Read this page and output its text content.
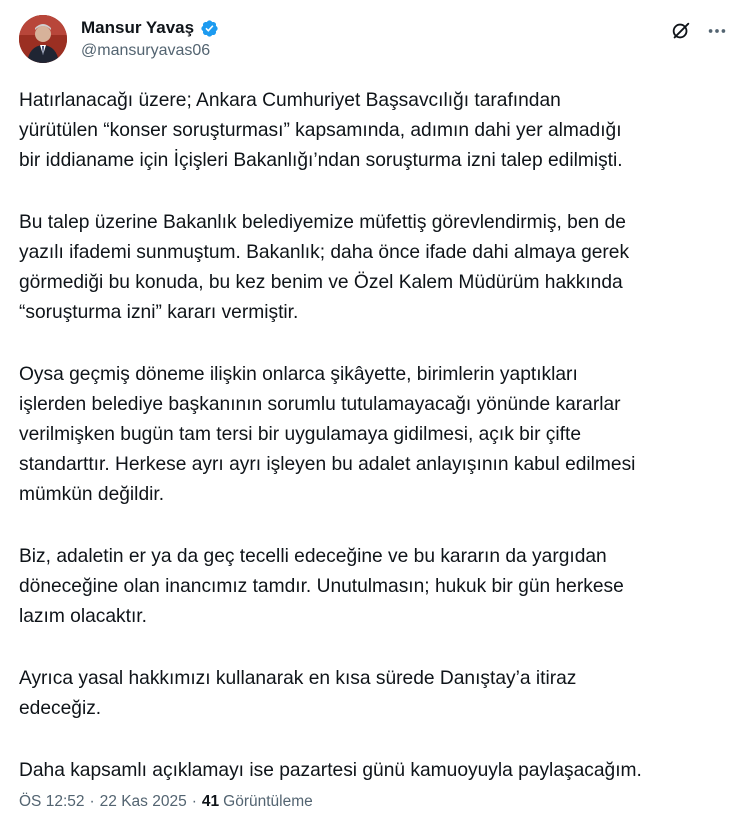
Mansur Yavaş
@mansuryavas06
Hatırlanacağı üzere; Ankara Cumhuriyet Başsavcılığı tarafından
yürütülen “konser soruşturması” kapsamında, adımın dahi yer almadığı
bir iddianame için İçişleri Bakanlığı’ndan soruşturma izni talep edilmişti.
Bu talep üzerine Bakanlık belediyemize müfettiş görevlendirmiş, ben de
yazılı ifademi sunmuştum. Bakanlık; daha önce ifade dahi almaya gerek
görmediği bu konuda, bu kez benim ve Özel Kalem Müdürüm hakkında
“soruşturma izni” kararı vermiştir.
Oysa geçmiş döneme ilişkin onlarca şikâyette, birimlerin yaptıkları
işlerden belediye başkanının sorumlu tutulamayacağı yönünde kararlar
verilmişken bugün tam tersi bir uygulamaya gidilmesi, açık bir çifte
standarttır. Herkese ayrı ayrı işleyen bu adalet anlayışının kabul edilmesi
mümkün değildir.
Biz, adaletin er ya da geç tecelli edeceğine ve bu kararın da yargıdan
döneceğine olan inancımız tamdır. Unutulmasın; hukuk bir gün herkese
lazım olacaktır.
Ayrıca yasal hakkımızı kullanarak en kısa sürede Danıştay’a itiraz
edeceğiz.
Daha kapsamlı açıklamayı ise pazartesi günü kamuoyuyla paylaşacağım.
ÖS 12:52 · 22 Kas 2025 · 41 Görüntüleme
